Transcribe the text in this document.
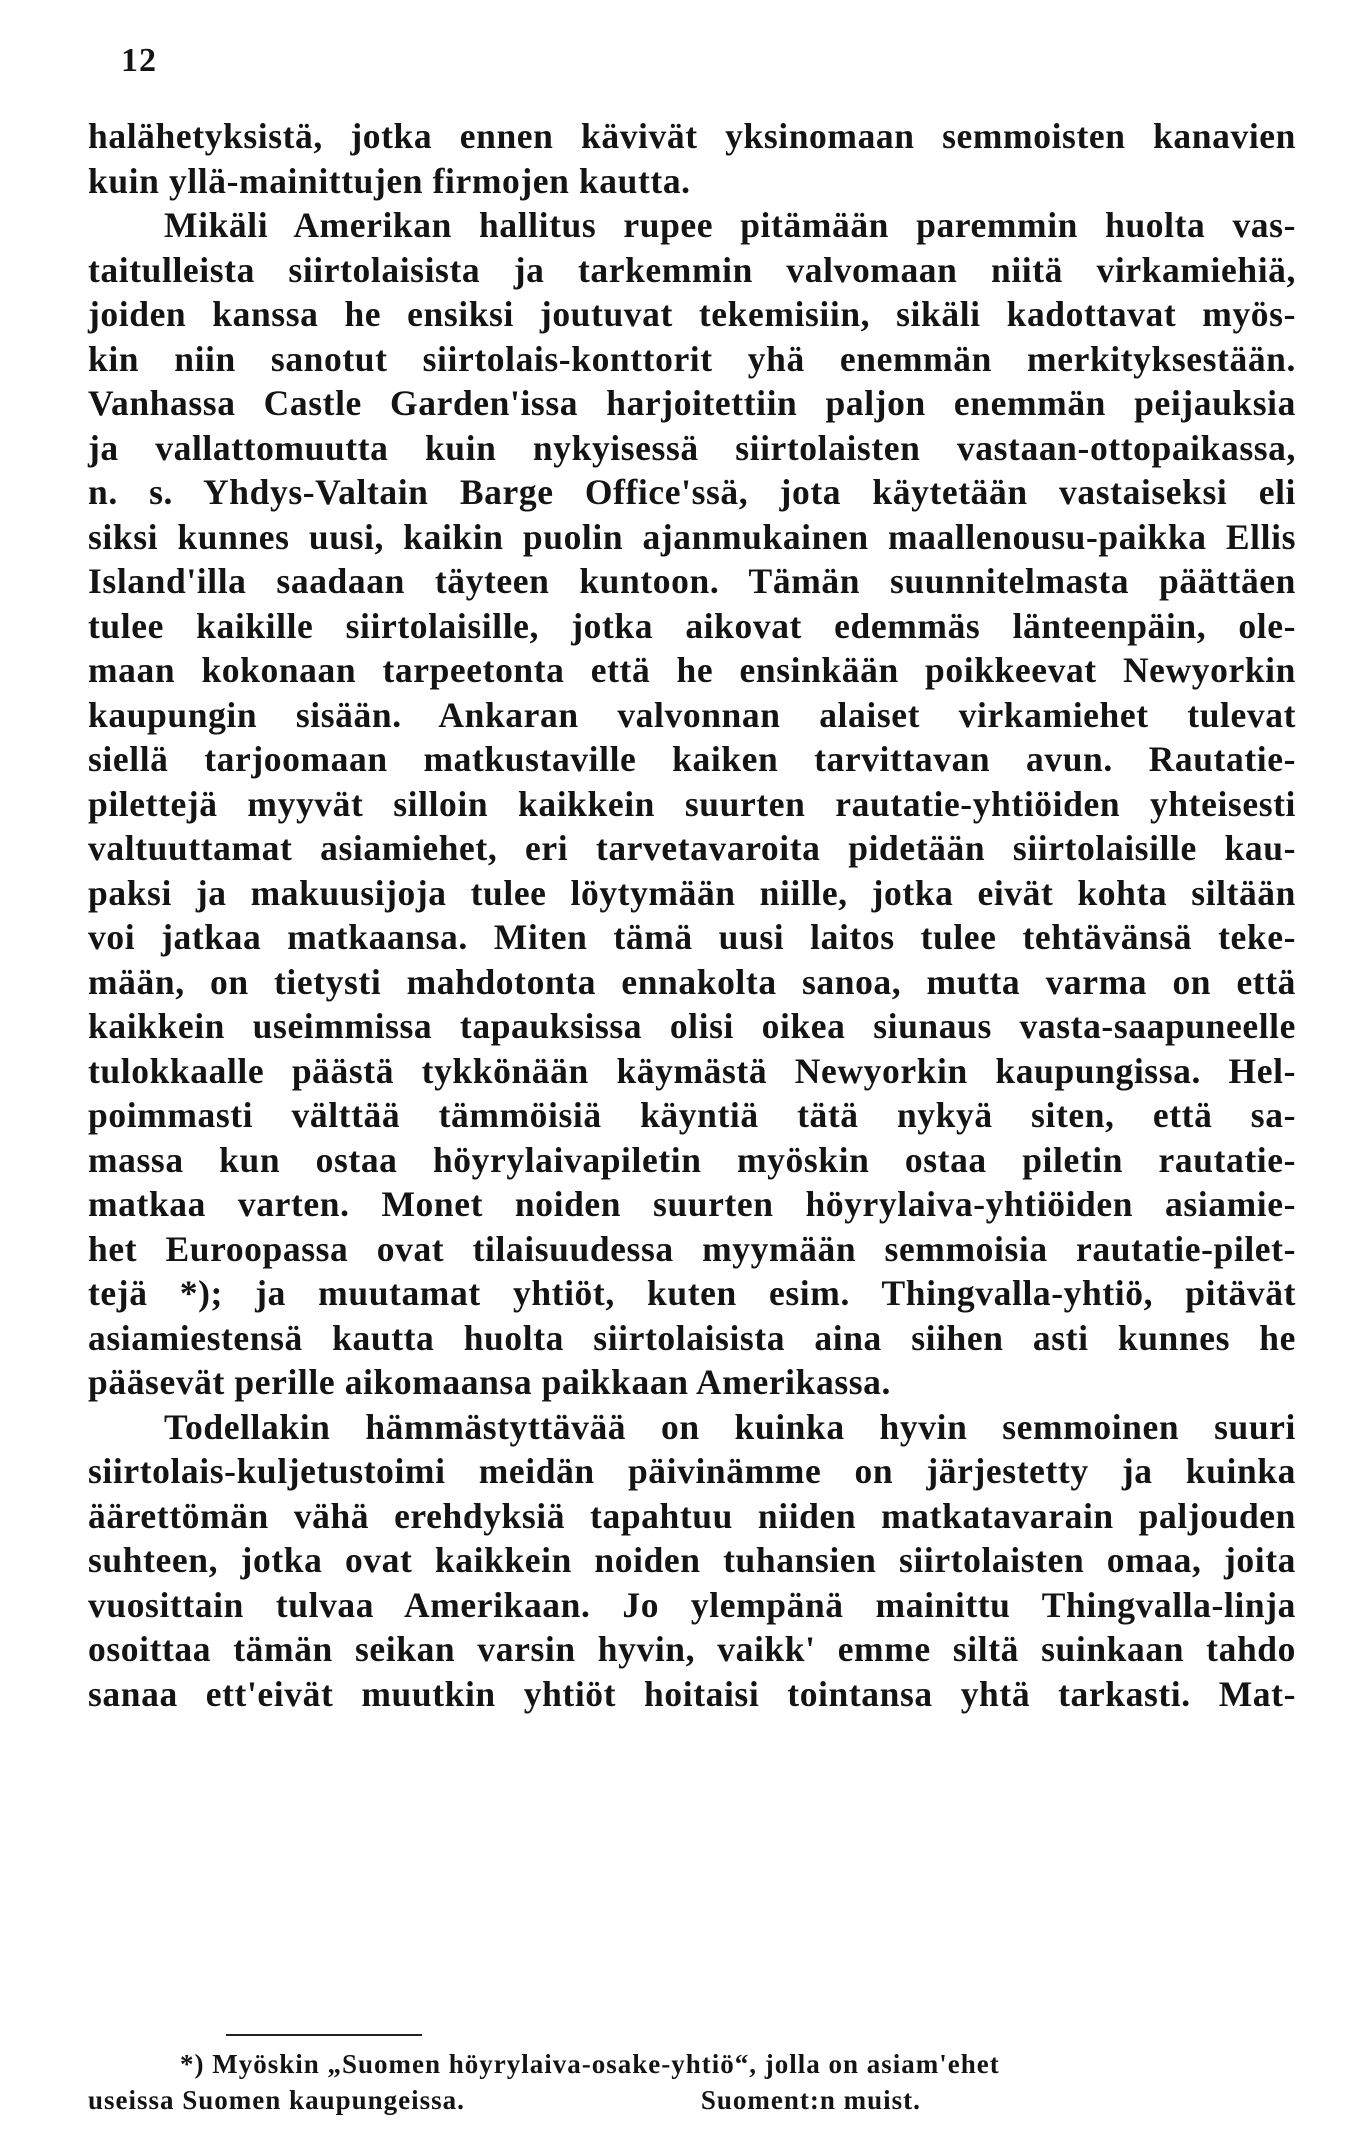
12
halähetyksistä, jotka ennen kävivät yksinomaan semmoisten kanavien
kuin yllä-mainittujen firmojen kautta.
Mikäli Amerikan hallitus rupee pitämään paremmin huolta vas-
taitulleista siirtolaisista ja tarkemmin valvomaan niitä virkamiehiä,
joiden kanssa he ensiksi joutuvat tekemisiin, sikäli kadottavat myös-
kin niin sanotut siirtolais-konttorit yhä enemmän merkityksestään.
Vanhassa Castle Garden'issa harjoitettiin paljon enemmän peijauksia
ja vallattomuutta kuin nykyisessä siirtolaisten vastaan-ottopaikassa,
n. s. Yhdys-Valtain Barge Office'ssä, jota käytetään vastaiseksi eli
siksi kunnes uusi, kaikin puolin ajanmukainen maallenousu-paikka Ellis
Island'illa saadaan täyteen kuntoon. Tämän suunnitelmasta päättäen
tulee kaikille siirtolaisille, jotka aikovat edemmäs länteenpäin, ole-
maan kokonaan tarpeetonta että he ensinkään poikkeevat Newyorkin
kaupungin sisään. Ankaran valvonnan alaiset virkamiehet tulevat
siellä tarjoomaan matkustaville kaiken tarvittavan avun. Rautatie-
pilettejä myyvät silloin kaikkein suurten rautatie-yhtiöiden yhteisesti
valtuuttamat asiamiehet, eri tarvetavaroita pidetään siirtolaisille kau-
paksi ja makuusijoja tulee löytymään niille, jotka eivät kohta siltään
voi jatkaa matkaansa. Miten tämä uusi laitos tulee tehtävänsä teke-
mään, on tietysti mahdotonta ennakolta sanoa, mutta varma on että
kaikkein useimmissa tapauksissa olisi oikea siunaus vasta-saapuneelle
tulokkaalle päästä tykkönään käymästä Newyorkin kaupungissa. Hel-
poimmasti välttää tämmöisiä käyntiä tätä nykyä siten, että sa-
massa kun ostaa höyrylaivapiletin myöskin ostaa piletin rautatie-
matkaa varten. Monet noiden suurten höyrylaiva-yhtiöiden asiamie-
het Euroopassa ovat tilaisuudessa myymään semmoisia rautatie-pilet-
tejä *); ja muutamat yhtiöt, kuten esim. Thingvalla-yhtiö, pitävät
asiamiestensä kautta huolta siirtolaisista aina siihen asti kunnes he
pääsevät perille aikomaansa paikkaan Amerikassa.
Todellakin hämmästyttävää on kuinka hyvin semmoinen suuri
siirtolais-kuljetustoimi meidän päivinämme on järjestetty ja kuinka
äärettömän vähä erehdyksiä tapahtuu niiden matkatavarain paljouden
suhteen, jotka ovat kaikkein noiden tuhansien siirtolaisten omaa, joita
vuosittain tulvaa Amerikaan. Jo ylempänä mainittu Thingvalla-linja
osoittaa tämän seikan varsin hyvin, vaikk' emme siltä suinkaan tahdo
sanaa ett'eivät muutkin yhtiöt hoitaisi tointansa yhtä tarkasti. Mat-
*) Myöskin „Suomen höyrylaiva-osake-yhtiö“, jolla on asiam'ehet
useissa Suomen kaupungeissa.	Suoment:n muist.
